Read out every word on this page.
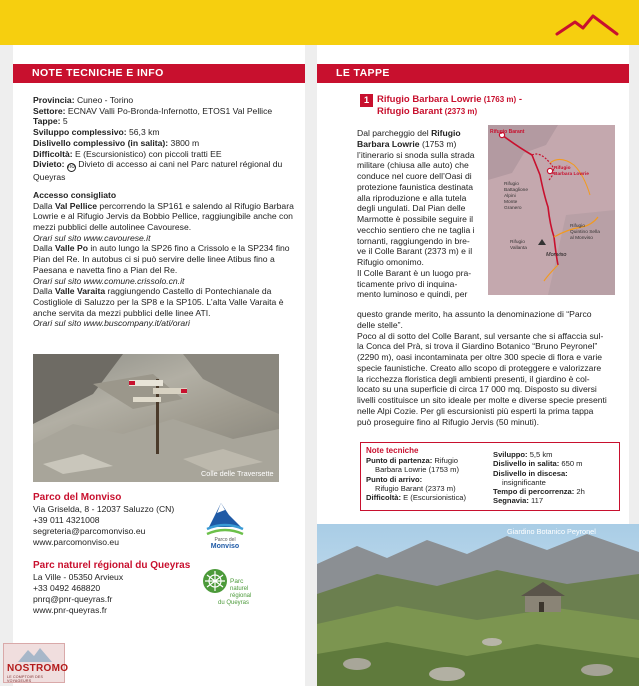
NOTE TECNICHE E INFO	LE TAPPE
Provincia: Cuneo - Torino
Settore: ECNAV Valli Po-Bronda-Infernotto, ETOS1 Val Pellice
Tappe: 5
Sviluppo complessivo: 56,3 km
Dislivello complessivo (in salita): 3800 m
Difficoltà: E (Escursionistico) con piccoli tratti EE
Divieto: no Divieto di accesso ai cani nel Parc naturel régional du Queyras
Accesso consigliato
Dalla Val Pellice percorrendo la SP161 e salendo al Rifugio Barbara Lowrie e al Rifugio Jervis da Bobbio Pellice, raggiungibile anche con mezzi pubblici delle autolinee Cavourese.
Orari sul sito www.cavourese.it
Dalla Valle Po in auto lungo la SP26 fino a Crissolo e la SP234 fino Pian del Re. In autobus ci si può servire delle linee Atibus fino a Paesana e navetta fino a Pian del Re.
Orari sul sito www.comune.crissolo.cn.it
Dalla Valle Varaita raggiungendo Castello di Pontechianale da Costigliole di Saluzzo per la SP8 e la SP105. L’alta Valle Varaita è anche servita da mezzi pubblici delle linee ATI.
Orari sul sito www.buscompany.it/ati/orari
Colle delle Traversette
Parco del Monviso
Via Griselda, 8 - 12037 Saluzzo (CN)
+39 011 4321008
segreteria@parcomonviso.eu
www.parcomonviso.eu
Parc naturel régional du Queyras
La Ville - 05350 Arvieux
+33 0492 468820
pnrq@pnr-queyras.fr
www.pnr-queyras.fr
Parco del
Monviso
Parc
naturel
régional
du Queyras
NOSTROMO
LE COMPTOIR DES VOYAGEURS
1 Rifugio Barbara Lowrie (1763 m) -
Rifugio Barant (2373 m)
Rifugio Barant
Rifugio
Barbara Lowrie
Rifugio
Battaglione
Alpini
Monte
Granero
Rifugio
Quintino Sella
al Monviso
Rifugio
Vallanta
Monviso
Dal parcheggio del Rifugio
Barbara Lowrie (1753 m)
l’itinerario si snoda sulla strada
militare (chiusa alle auto) che
conduce nel cuore dell’Oasi di
protezione faunistica destinata
alla riproduzione e alla tutela
degli ungulati. Dal Pian delle
Marmotte è possibile seguire il
vecchio sentiero che ne taglia i
tornanti, raggiungendo in bre-
ve il Colle Barant (2373 m) e il
Rifugio omonimo.
Il Colle Barant è un luogo pra-
ticamente privo di inquina-
mento luminoso e quindi, per
questo grande merito, ha assunto la denominazione di “Parco
delle stelle”.
Poco al di sotto del Colle Barant, sul versante che si affaccia sul-
la Conca del Prà, si trova il Giardino Botanico “Bruno Peyronel”
(2290 m), oasi incontaminata per oltre 300 specie di flora e varie
specie faunistiche. Creato allo scopo di proteggere e valorizzare
la ricchezza floristica degli ambienti presenti, il giardino è col-
locato su una superficie di circa 17 000 mq. Disposto su diversi
livelli costituisce un sito ideale per molte e diverse specie presenti
nelle Alpi Cozie. Per gli escursionisti più esperti la prima tappa
può proseguire fino al Rifugio Jervis (50 minuti).
Note tecniche
Punto di partenza: Rifugio
Barbara Lowrie (1753 m)
Punto di arrivo:
Rifugio Barant (2373 m)
Difficoltà: E (Escursionistica)
Sviluppo: 5,5 km
Dislivello in salita: 650 m
Dislivello in discesa:
insignificante
Tempo di percorrenza: 2h
Segnavia: 117
Giardino Botanico Peyronel
